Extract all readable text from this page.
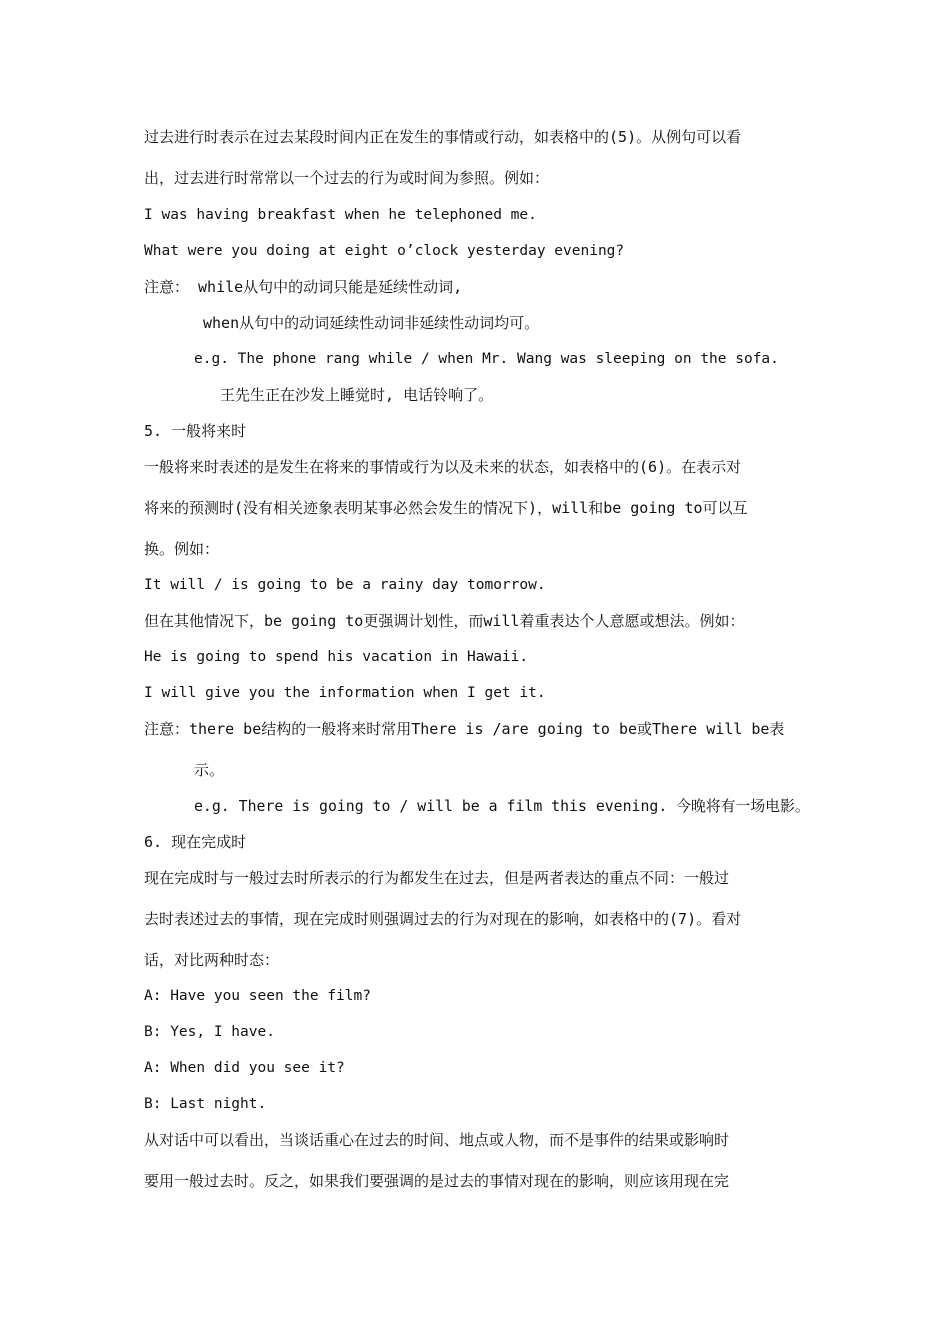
过去进行时表示在过去某段时间内正在发生的事情或行动，如表格中的(5)。从例句可以看
出，过去进行时常常以一个过去的行为或时间为参照。例如：
I was having breakfast when he telephoned me.
What were you doing at eight o’clock yesterday evening?
注意： while从句中的动词只能是延续性动词,
when从句中的动词延续性动词非延续性动词均可。
e.g. The phone rang while / when Mr. Wang was sleeping on the sofa.
王先生正在沙发上睡觉时, 电话铃响了。
5. 一般将来时
一般将来时表述的是发生在将来的事情或行为以及未来的状态，如表格中的(6)。在表示对
将来的预测时(没有相关迹象表明某事必然会发生的情况下)，will和be going to可以互
换。例如：
It will / is going to be a rainy day tomorrow.
但在其他情况下，be going to更强调计划性，而will着重表达个人意愿或想法。例如：
He is going to spend his vacation in Hawaii.
I will give you the information when I get it.
注意：there be结构的一般将来时常用There is /are going to be或There will be表
示。
e.g. There is going to / will be a film this evening. 今晚将有一场电影。
6. 现在完成时
现在完成时与一般过去时所表示的行为都发生在过去，但是两者表达的重点不同：一般过
去时表述过去的事情，现在完成时则强调过去的行为对现在的影响，如表格中的(7)。看对
话，对比两种时态：
A: Have you seen the film?
B: Yes, I have.
A: When did you see it?
B: Last night.
从对话中可以看出，当谈话重心在过去的时间、地点或人物，而不是事件的结果或影响时
要用一般过去时。反之，如果我们要强调的是过去的事情对现在的影响，则应该用现在完
